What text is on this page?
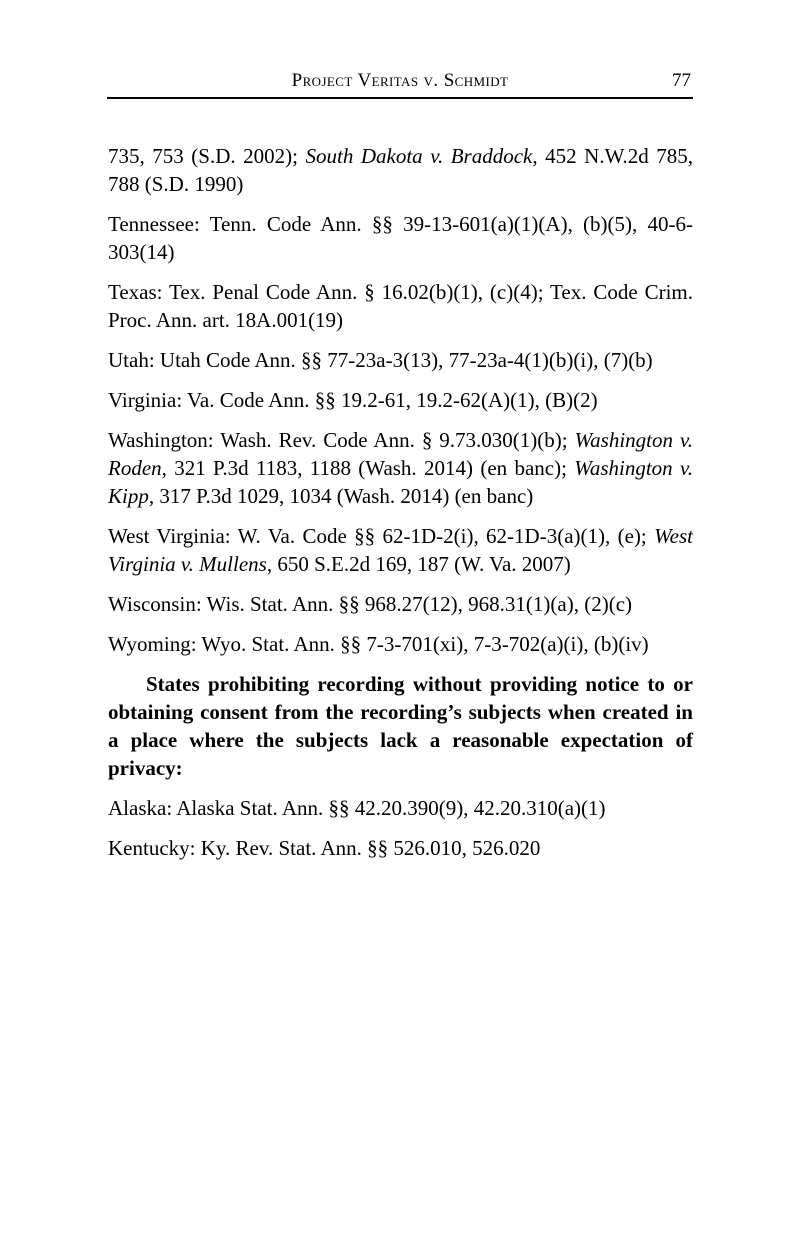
Project Veritas v. Schmidt	77

735, 753 (S.D. 2002); South Dakota v. Braddock, 452 N.W.2d 785, 788 (S.D. 1990)

Tennessee: Tenn. Code Ann. §§ 39-13-601(a)(1)(A), (b)(5), 40-6-303(14)

Texas: Tex. Penal Code Ann. § 16.02(b)(1), (c)(4); Tex. Code Crim. Proc. Ann. art. 18A.001(19)

Utah: Utah Code Ann. §§ 77-23a-3(13), 77-23a-4(1)(b)(i), (7)(b)

Virginia: Va. Code Ann. §§ 19.2-61, 19.2-62(A)(1), (B)(2)

Washington: Wash. Rev. Code Ann. § 9.73.030(1)(b); Washington v. Roden, 321 P.3d 1183, 1188 (Wash. 2014) (en banc); Washington v. Kipp, 317 P.3d 1029, 1034 (Wash. 2014) (en banc)

West Virginia: W. Va. Code §§ 62-1D-2(i), 62-1D-3(a)(1), (e); West Virginia v. Mullens, 650 S.E.2d 169, 187 (W. Va. 2007)

Wisconsin: Wis. Stat. Ann. §§ 968.27(12), 968.31(1)(a), (2)(c)

Wyoming: Wyo. Stat. Ann. §§ 7-3-701(xi), 7-3-702(a)(i), (b)(iv)

States prohibiting recording without providing notice to or obtaining consent from the recording’s subjects when created in a place where the subjects lack a reasonable expectation of privacy:

Alaska: Alaska Stat. Ann. §§ 42.20.390(9), 42.20.310(a)(1)

Kentucky: Ky. Rev. Stat. Ann. §§ 526.010, 526.020
